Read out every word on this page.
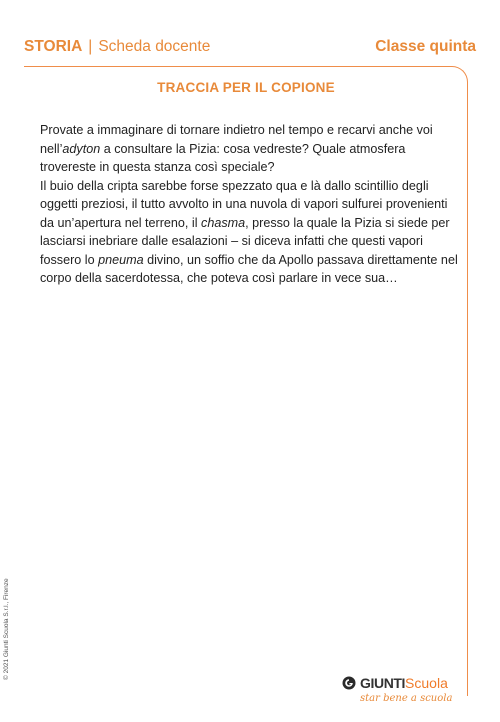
STORIA | Scheda docente	Classe quinta
TRACCIA PER IL COPIONE

Provate a immaginare di tornare indietro nel tempo e recarvi anche voi nell’adyton a consultare la Pizia: cosa vedreste? Quale atmosfera trovereste in questa stanza così speciale?

Il buio della cripta sarebbe forse spezzato qua e là dallo scintillio degli oggetti preziosi, il tutto avvolto in una nuvola di vapori sulfurei provenienti da un’apertura nel terreno, il chasma, presso la quale la Pizia si siede per lasciarsi inebriare dalle esalazioni – si diceva infatti che questi vapori fossero lo pneuma divino, un soffio che da Apollo passava direttamente nel corpo della sacerdotessa, che poteva così parlare in vece sua…

© 2021 Giunti Scuola S.r.l., Firenze
GIUNTI Scuola
star bene a scuola
